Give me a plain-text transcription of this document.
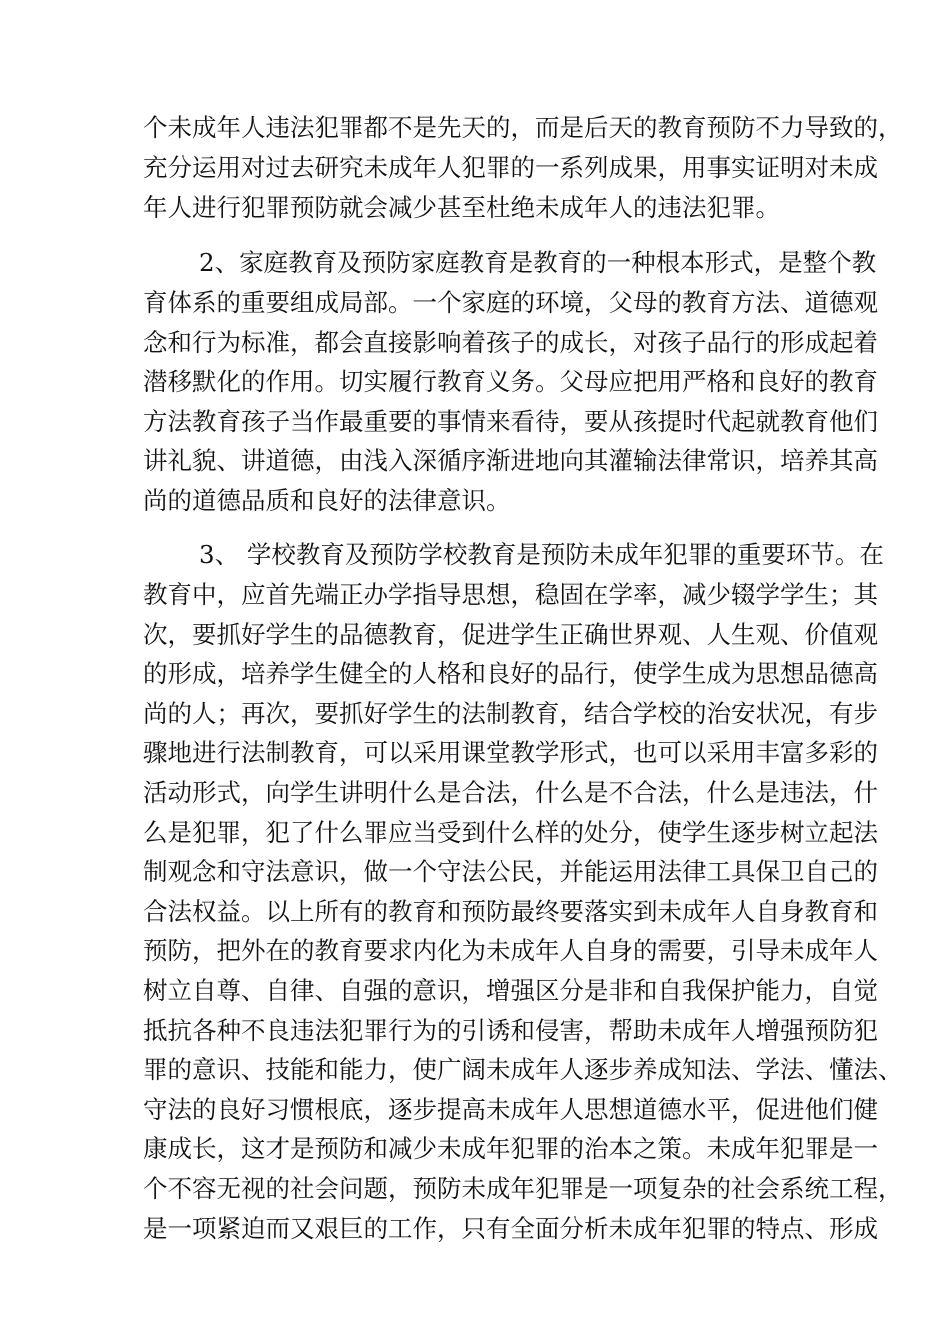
个未成年人违法犯罪都不是先天的，而是后天的教育预防不力导致的，
充分运用对过去研究未成年人犯罪的一系列成果，用事实证明对未成
年人进行犯罪预防就会减少甚至杜绝未成年人的违法犯罪。
2、家庭教育及预防家庭教育是教育的一种根本形式，是整个教
育体系的重要组成局部。一个家庭的环境，父母的教育方法、道德观
念和行为标准，都会直接影响着孩子的成长，对孩子品行的形成起着
潜移默化的作用。切实履行教育义务。父母应把用严格和良好的教育
方法教育孩子当作最重要的事情来看待，要从孩提时代起就教育他们
讲礼貌、讲道德，由浅入深循序渐进地向其灌输法律常识，培养其高
尚的道德品质和良好的法律意识。
3、 学校教育及预防学校教育是预防未成年犯罪的重要环节。在
教育中，应首先端正办学指导思想，稳固在学率，减少辍学学生；其
次，要抓好学生的品德教育，促进学生正确世界观、人生观、价值观
的形成，培养学生健全的人格和良好的品行，使学生成为思想品德高
尚的人；再次，要抓好学生的法制教育，结合学校的治安状况，有步
骤地进行法制教育，可以采用课堂教学形式，也可以采用丰富多彩的
活动形式，向学生讲明什么是合法，什么是不合法，什么是违法，什
么是犯罪，犯了什么罪应当受到什么样的处分，使学生逐步树立起法
制观念和守法意识，做一个守法公民，并能运用法律工具保卫自己的
合法权益。以上所有的教育和预防最终要落实到未成年人自身教育和
预防，把外在的教育要求内化为未成年人自身的需要，引导未成年人
树立自尊、自律、自强的意识，增强区分是非和自我保护能力，自觉
抵抗各种不良违法犯罪行为的引诱和侵害，帮助未成年人增强预防犯
罪的意识、技能和能力，使广阔未成年人逐步养成知法、学法、懂法、
守法的良好习惯根底，逐步提高未成年人思想道德水平，促进他们健
康成长，这才是预防和减少未成年犯罪的治本之策。未成年犯罪是一
个不容无视的社会问题，预防未成年犯罪是一项复杂的社会系统工程，
是一项紧迫而又艰巨的工作，只有全面分析未成年犯罪的特点、形成
